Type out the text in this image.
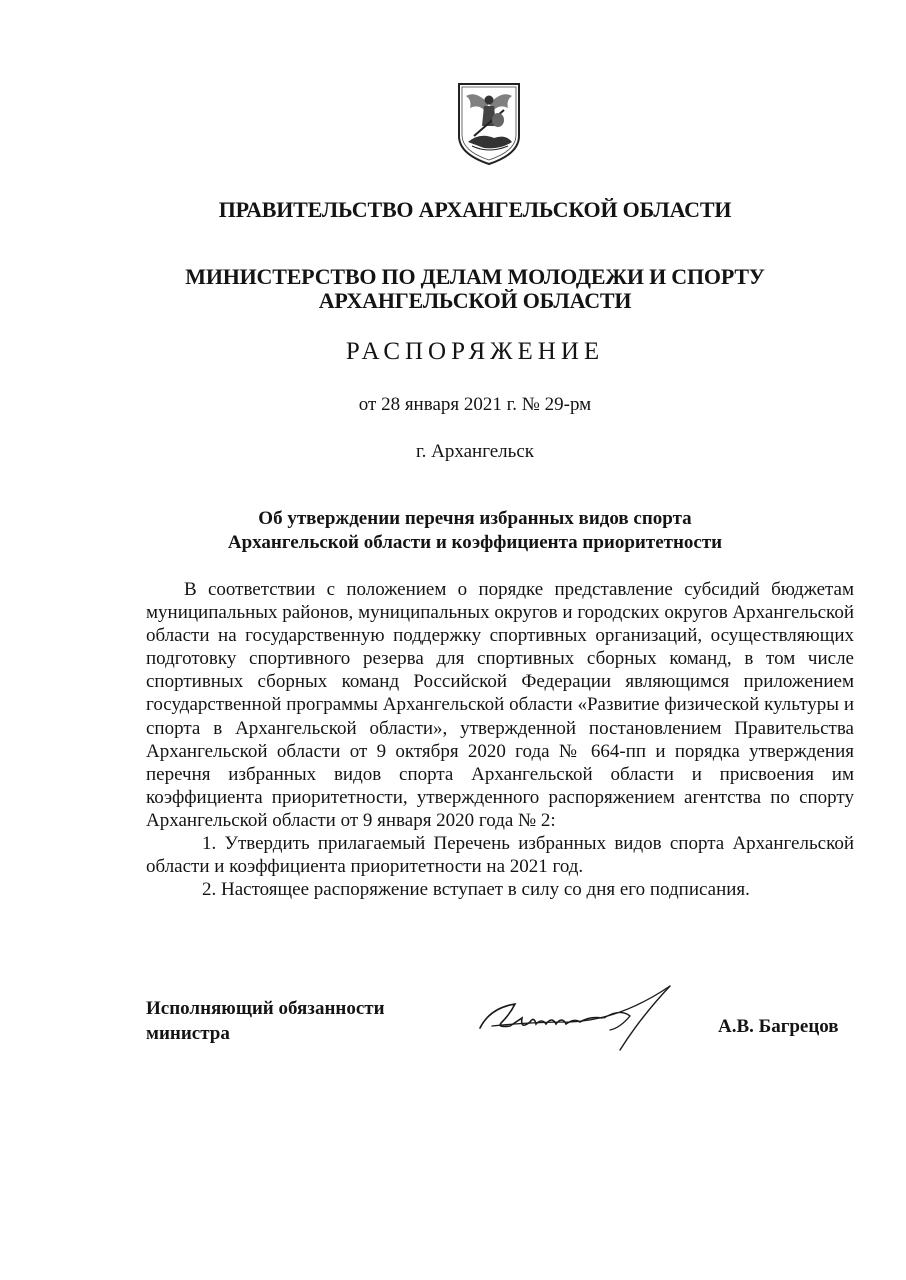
ПРАВИТЕЛЬСТВО АРХАНГЕЛЬСКОЙ ОБЛАСТИ
МИНИСТЕРСТВО ПО ДЕЛАМ МОЛОДЕЖИ И СПОРТУ
АРХАНГЕЛЬСКОЙ ОБЛАСТИ
РАСПОРЯЖЕНИЕ
от 28 января 2021 г. № 29-рм
г. Архангельск
Об утверждении перечня избранных видов спорта
Архангельской области и коэффициента приоритетности

В соответствии с положением о порядке представление субсидий бюджетам муниципальных районов, муниципальных округов и городских округов Архангельской области на государственную поддержку спортивных организаций, осуществляющих подготовку спортивного резерва для спортивных сборных команд, в том числе спортивных сборных команд Российской Федерации являющимся приложением государственной программы Архангельской области «Развитие физической культуры и спорта в Архангельской области», утвержденной постановлением Правительства Архангельской области от 9 октября 2020 года № 664-пп и порядка утверждения перечня избранных видов спорта Архангельской области и присвоения им коэффициента приоритетности, утвержденного распоряжением агентства по спорту Архангельской области от 9 января 2020 года № 2:

1. Утвердить прилагаемый Перечень избранных видов спорта Архангельской области и коэффициента приоритетности на 2021 год.

2. Настоящее распоряжение вступает в силу со дня его подписания.

Исполняющий обязанности
министра	А.В. Багрецов
